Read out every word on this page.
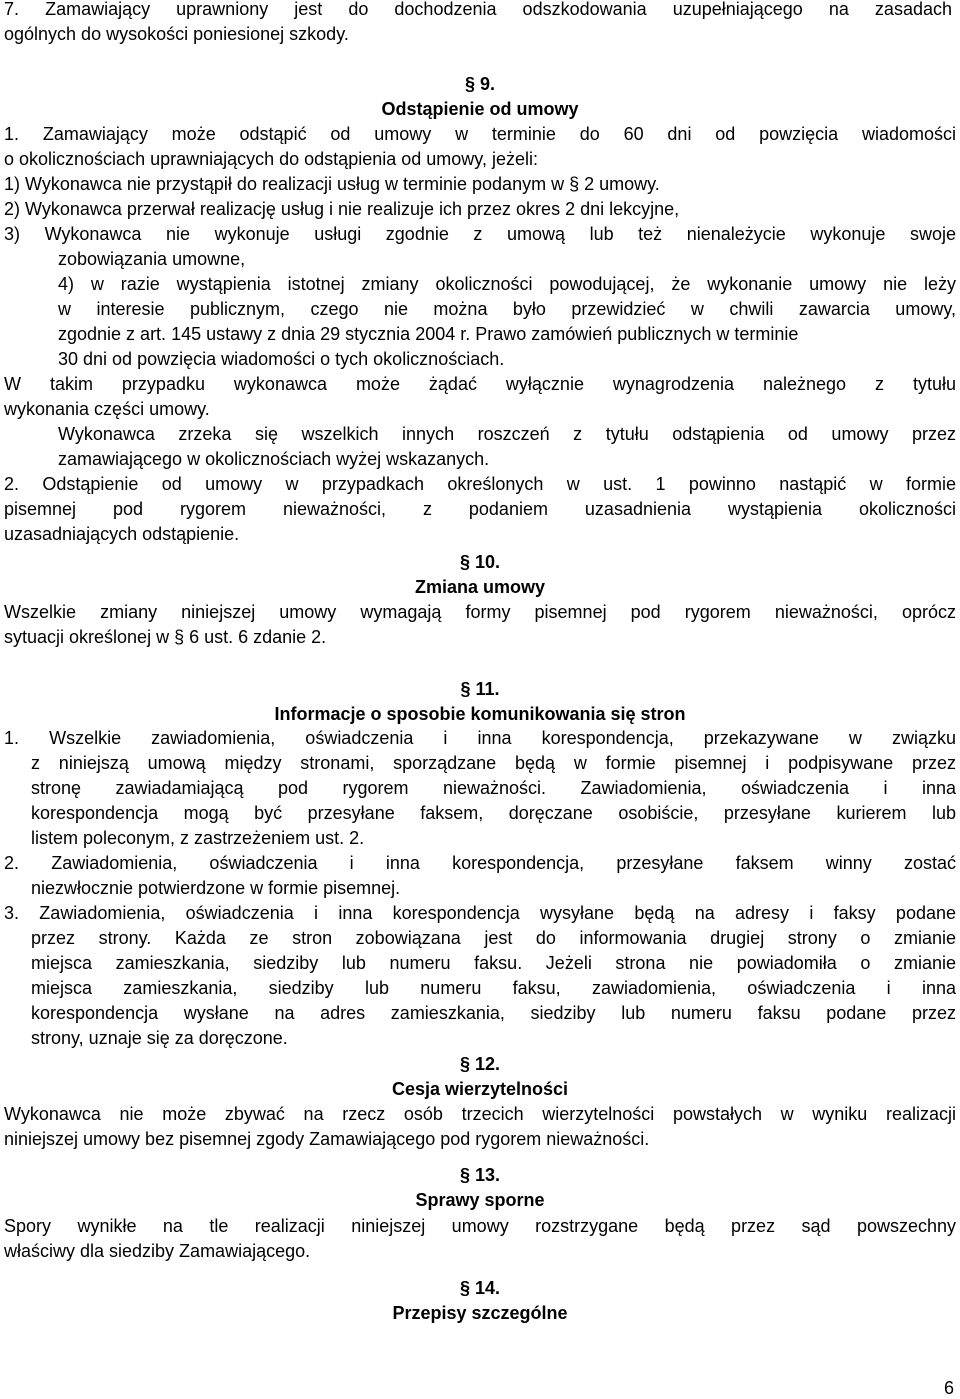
7. Zamawiający uprawniony jest do dochodzenia odszkodowania uzupełniającego na zasadach
ogólnych do wysokości poniesionej szkody.
§ 9.
Odstąpienie od umowy
1. Zamawiający może odstąpić od umowy w terminie do 60 dni od powzięcia wiadomości
o okolicznościach uprawniających do odstąpienia od umowy, jeżeli:
1) Wykonawca nie przystąpił do realizacji usług w terminie podanym w § 2 umowy.
2) Wykonawca przerwał realizację usług i nie realizuje ich przez okres 2 dni lekcyjne,
3) Wykonawca nie wykonuje usługi zgodnie z umową lub też nienależycie wykonuje swoje
zobowiązania umowne,
4) w razie wystąpienia istotnej zmiany okoliczności powodującej, że wykonanie umowy nie leży
w interesie publicznym, czego nie można było przewidzieć w chwili zawarcia umowy,
zgodnie z art. 145 ustawy z dnia 29 stycznia 2004 r. Prawo zamówień publicznych w terminie
30 dni od powzięcia wiadomości o tych okolicznościach.
W takim przypadku wykonawca może żądać wyłącznie wynagrodzenia należnego z tytułu
wykonania części umowy.
Wykonawca zrzeka się wszelkich innych roszczeń z tytułu odstąpienia od umowy przez
zamawiającego w okolicznościach wyżej wskazanych.
2. Odstąpienie od umowy w przypadkach określonych w ust. 1 powinno nastąpić w formie
pisemnej pod rygorem nieważności, z podaniem uzasadnienia wystąpienia okoliczności
uzasadniających odstąpienie.
§ 10.
Zmiana umowy
Wszelkie zmiany niniejszej umowy wymagają formy pisemnej pod rygorem nieważności, oprócz
sytuacji określonej w § 6 ust. 6 zdanie 2.
§ 11.
Informacje o sposobie komunikowania się stron
1. Wszelkie zawiadomienia, oświadczenia i inna korespondencja, przekazywane w związku
z niniejszą umową między stronami, sporządzane będą w formie pisemnej i podpisywane przez
stronę zawiadamiającą pod rygorem nieważności. Zawiadomienia, oświadczenia i inna
korespondencja mogą być przesyłane faksem, doręczane osobiście, przesyłane kurierem lub
listem poleconym, z zastrzeżeniem ust. 2.
2. Zawiadomienia, oświadczenia i inna korespondencja, przesyłane faksem winny zostać
niezwłocznie potwierdzone w formie pisemnej.
3. Zawiadomienia, oświadczenia i inna korespondencja wysyłane będą na adresy i faksy podane
przez strony. Każda ze stron zobowiązana jest do informowania drugiej strony o zmianie
miejsca zamieszkania, siedziby lub numeru faksu. Jeżeli strona nie powiadomiła o zmianie
miejsca zamieszkania, siedziby lub numeru faksu, zawiadomienia, oświadczenia i inna
korespondencja wysłane na adres zamieszkania, siedziby lub numeru faksu podane przez
strony, uznaje się za doręczone.
§ 12.
Cesja wierzytelności
Wykonawca nie może zbywać na rzecz osób trzecich wierzytelności powstałych w wyniku realizacji
niniejszej umowy bez pisemnej zgody Zamawiającego pod rygorem nieważności.
§ 13.
Sprawy sporne
Spory wynikłe na tle realizacji niniejszej umowy rozstrzygane będą przez sąd powszechny
właściwy dla siedziby Zamawiającego.
§ 14.
Przepisy szczególne
6
